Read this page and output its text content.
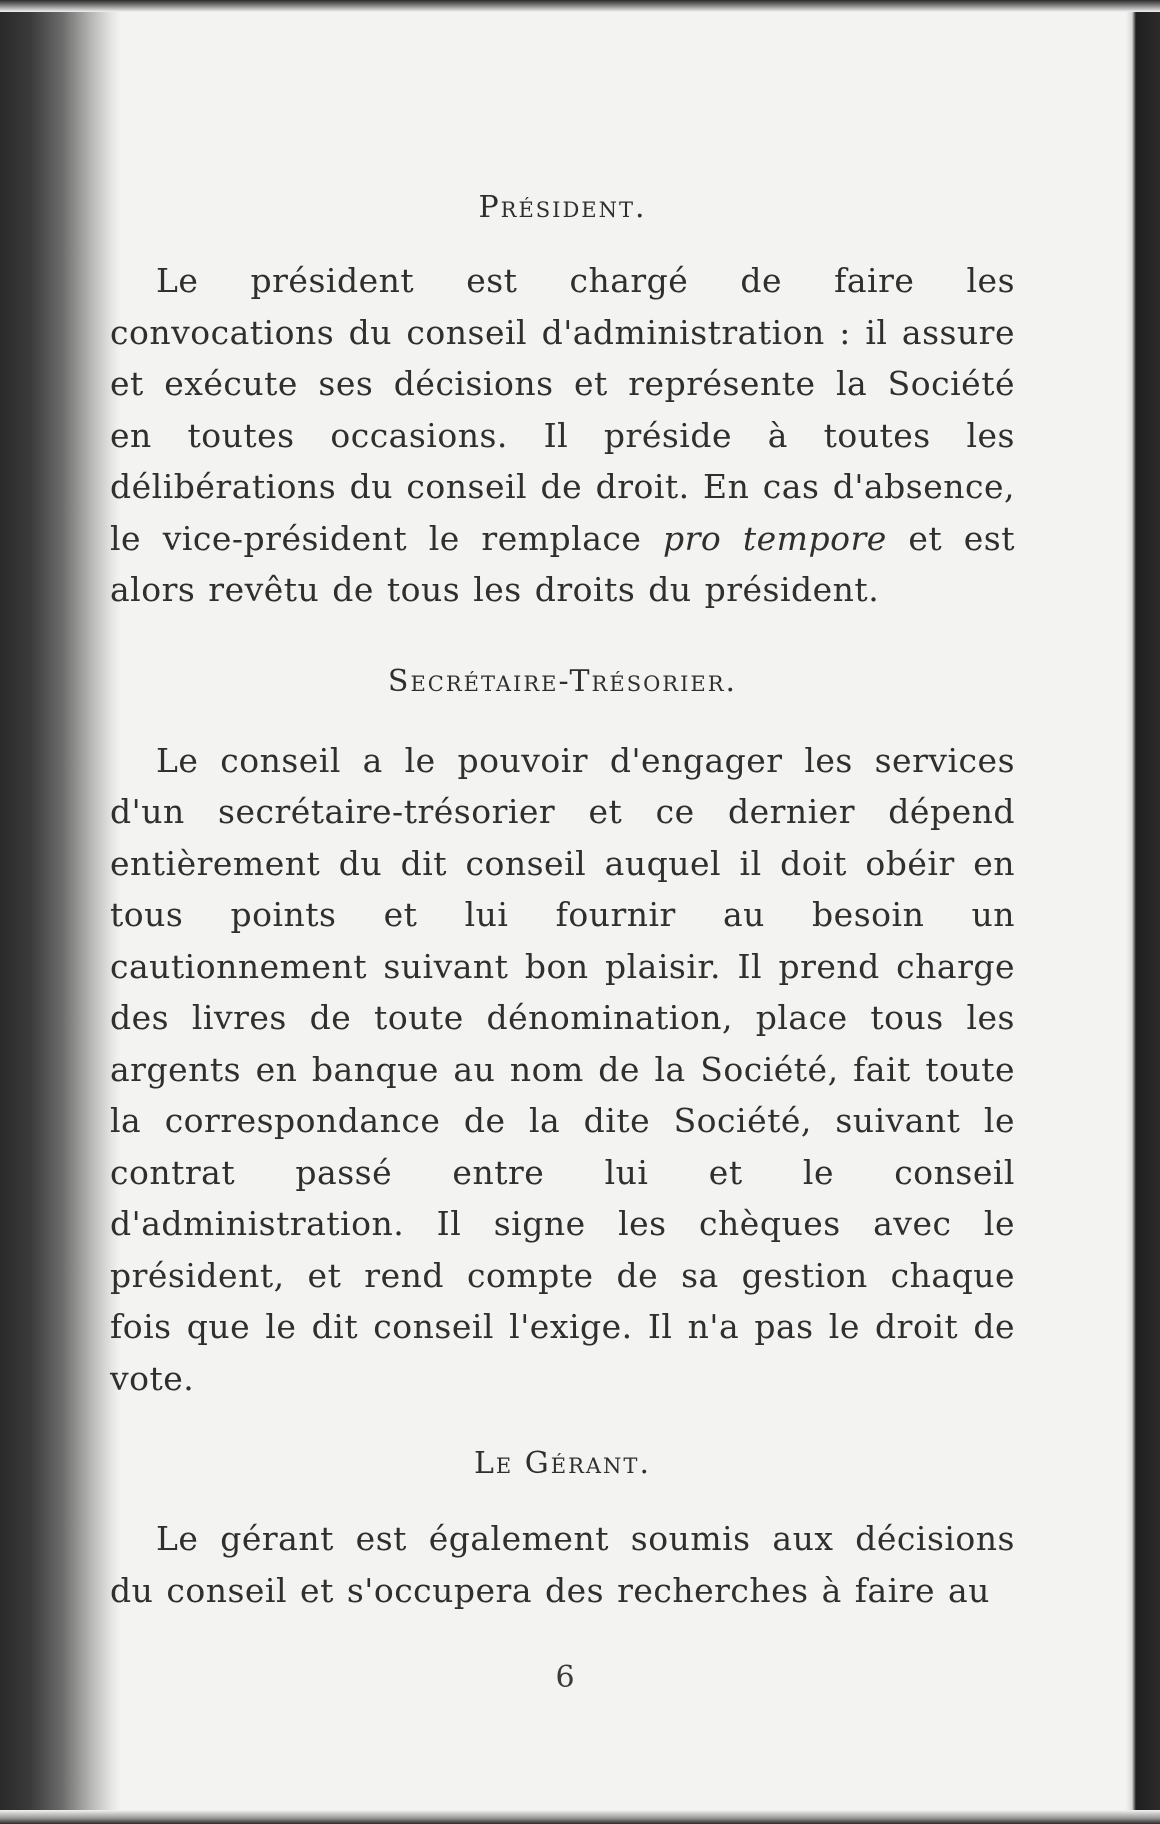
Président.

Le président est chargé de faire les convocations du conseil d'administration : il assure et exécute ses décisions et représente la Société en toutes occasions. Il préside à toutes les délibérations du conseil de droit. En cas d'absence, le vice-président le remplace pro tempore et est alors revêtu de tous les droits du président.

Secrétaire-Trésorier.

Le conseil a le pouvoir d'engager les services d'un secrétaire-trésorier et ce dernier dépend entièrement du dit conseil auquel il doit obéir en tous points et lui fournir au besoin un cautionnement suivant bon plaisir. Il prend charge des livres de toute dénomination, place tous les argents en banque au nom de la Société, fait toute la correspondance de la dite Société, suivant le contrat passé entre lui et le conseil d'administration. Il signe les chèques avec le président, et rend compte de sa gestion chaque fois que le dit conseil l'exige. Il n'a pas le droit de vote.

Le Gérant.

Le gérant est également soumis aux décisions du conseil et s'occupera des recherches à faire au

6
